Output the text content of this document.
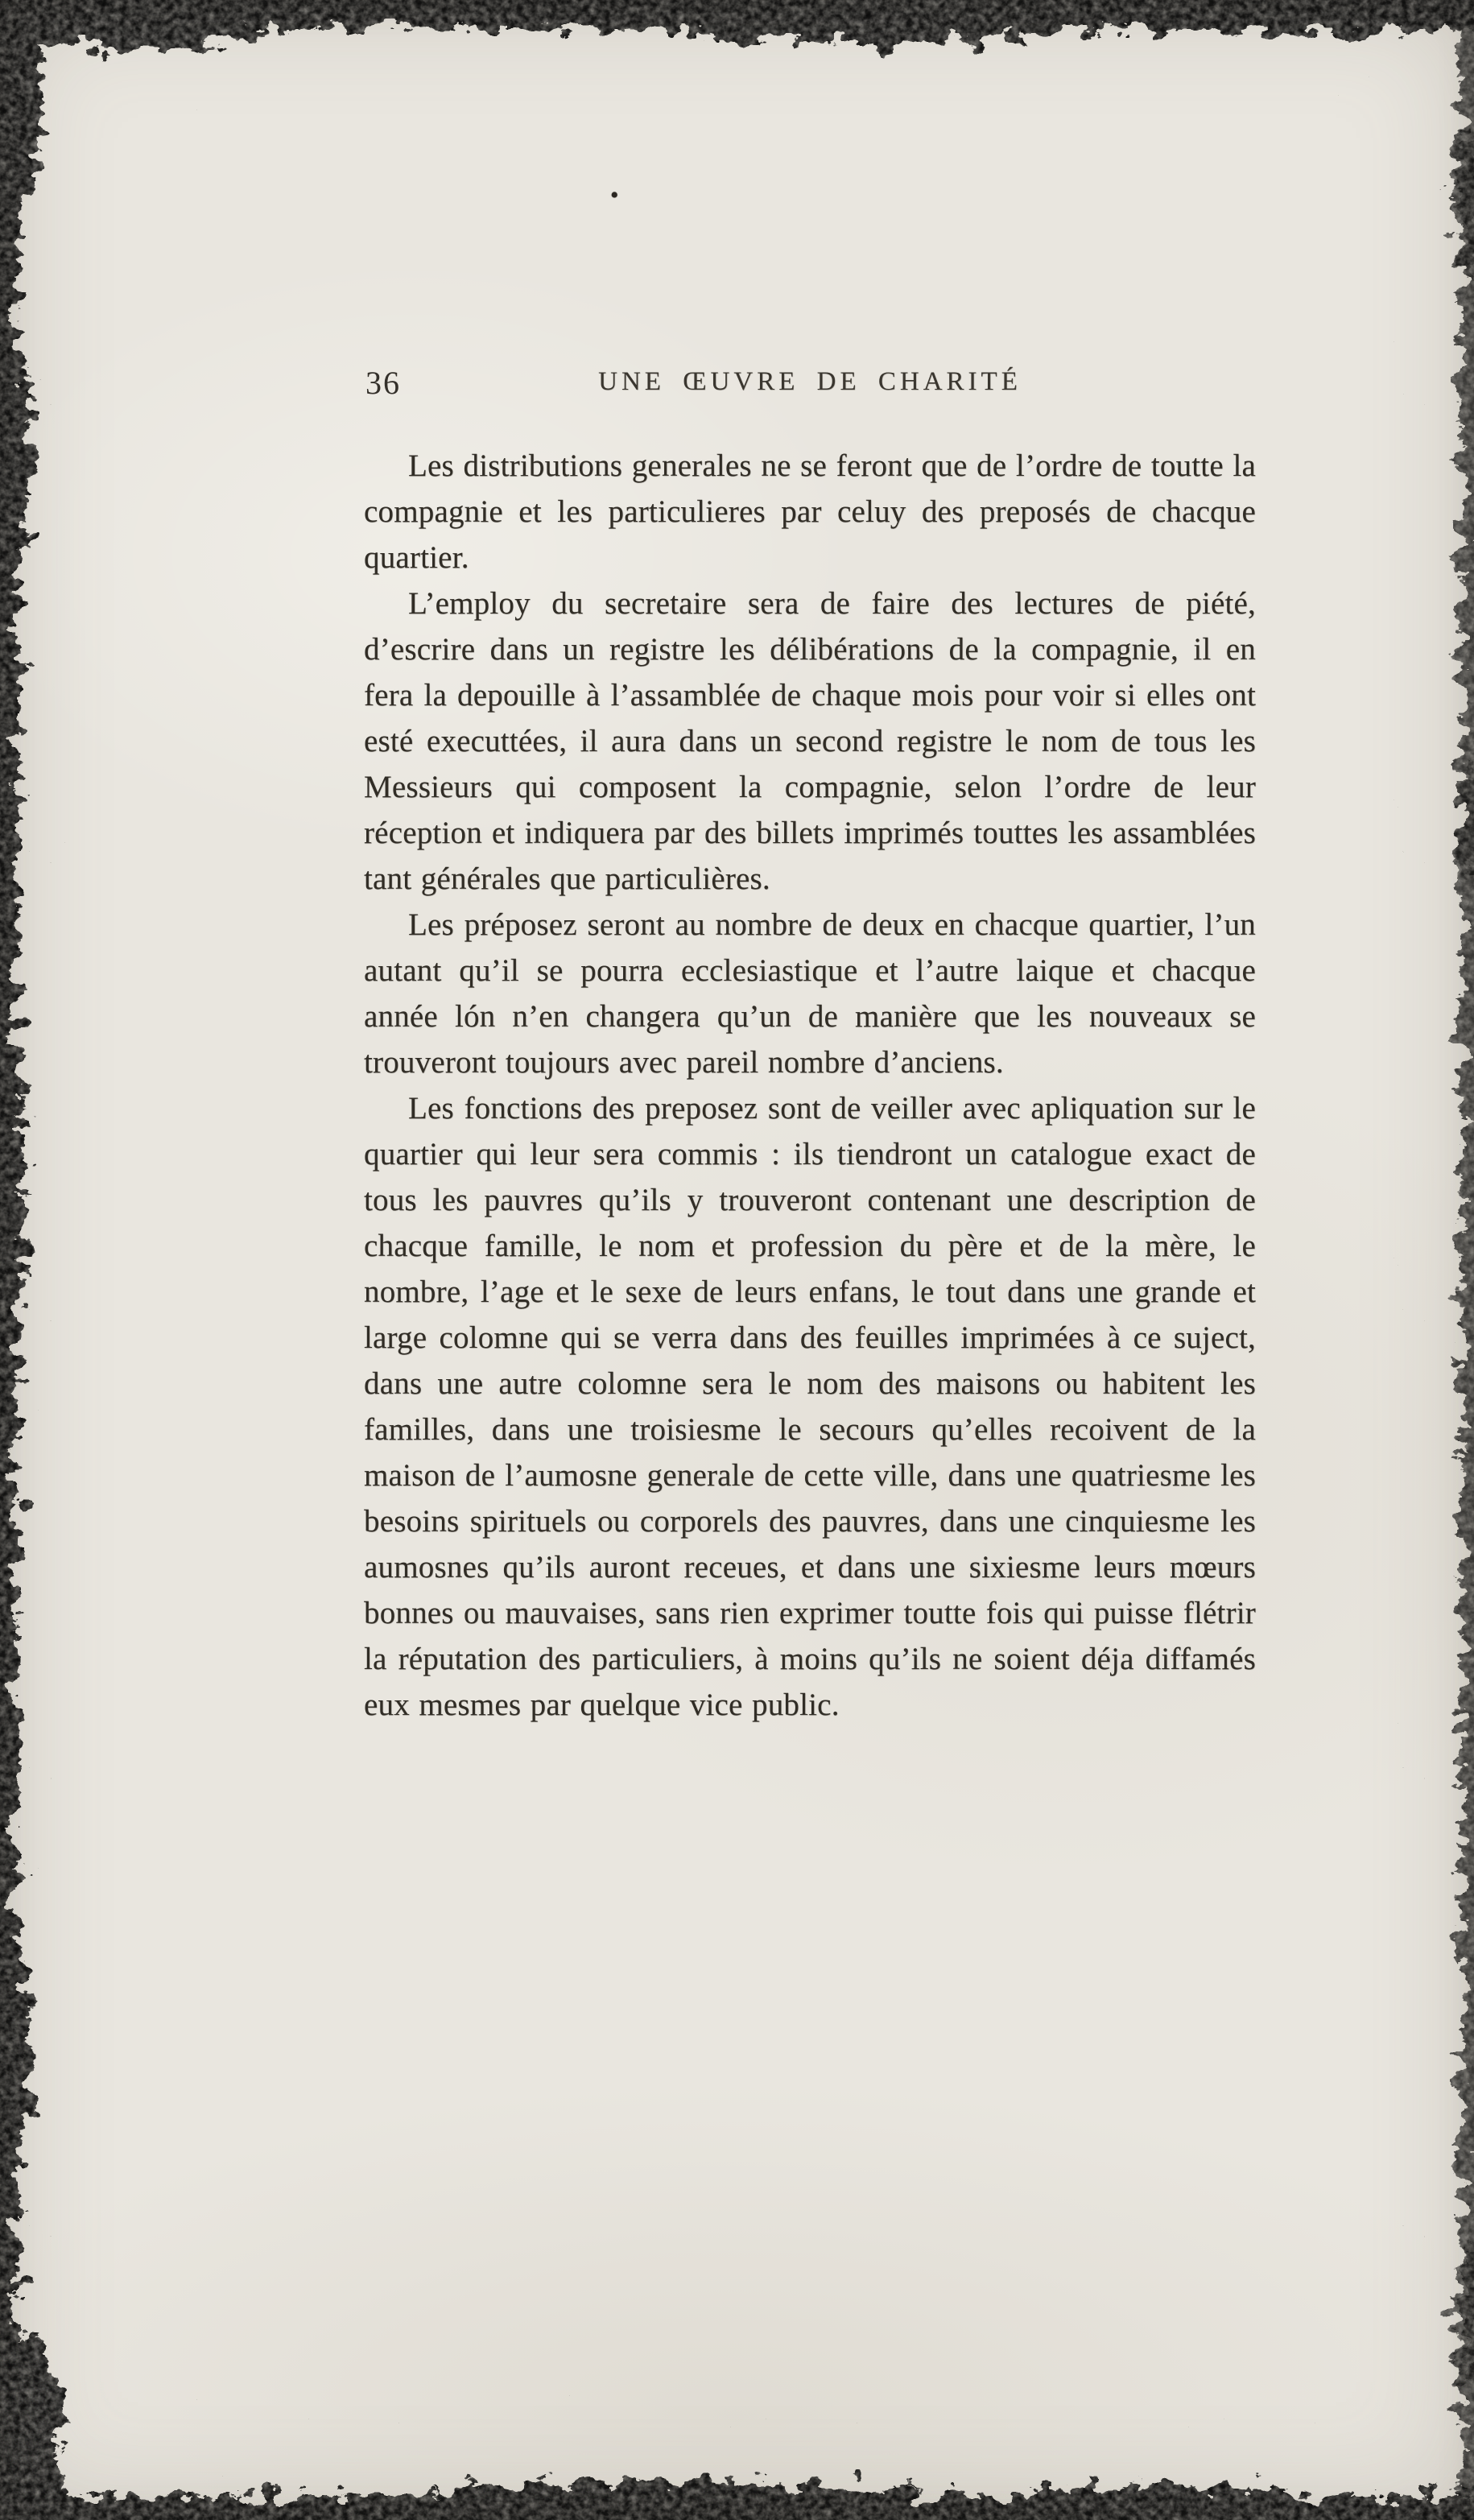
•
36	UNE ŒUVRE DE CHARITÉ

Les distributions generales ne se feront que de l’ordre de toutte la compagnie et les particulieres par celuy des preposés de chacque quartier.

L’employ du secretaire sera de faire des lectures de piété, d’escrire dans un registre les délibérations de la compagnie, il en fera la depouille à l’assamblée de chaque mois pour voir si elles ont esté executtées, il aura dans un second registre le nom de tous les Messieurs qui composent la compagnie, selon l’ordre de leur réception et indiquera par des billets imprimés touttes les assamblées tant générales que particulières.

Les préposez seront au nombre de deux en chacque quartier, l’un autant qu’il se pourra ecclesiastique et l’autre laique et chacque année lón n’en changera qu’un de manière que les nouveaux se trouveront toujours avec pareil nombre d’anciens.

Les fonctions des preposez sont de veiller avec apliquation sur le quartier qui leur sera commis : ils tiendront un catalogue exact de tous les pauvres qu’ils y trouveront contenant une description de chacque famille, le nom et profession du père et de la mère, le nombre, l’age et le sexe de leurs enfans, le tout dans une grande et large colomne qui se verra dans des feuilles imprimées à ce suject, dans une autre colomne sera le nom des maisons ou habitent les familles, dans une troisiesme le secours qu’elles recoivent de la maison de l’aumosne generale de cette ville, dans une quatriesme les besoins spirituels ou corporels des pauvres, dans une cinquiesme les aumosnes qu’ils auront receues, et dans une sixiesme leurs mœurs bonnes ou mauvaises, sans rien exprimer toutte fois qui puisse flétrir la réputation des particuliers, à moins qu’ils ne soient déja diffamés eux mesmes par quelque vice public.
